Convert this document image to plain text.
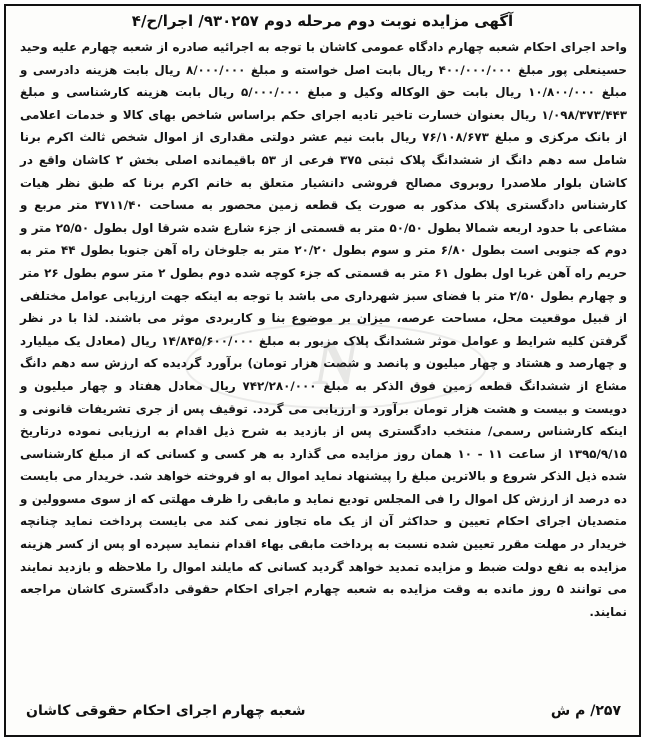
آگهی مزایده نوبت دوم مرحله دوم ۹۳۰۲۵۷/ اجرا/ح/۴

واحد اجرای احکام شعبه چهارم دادگاه عمومی کاشان با توجه به اجرائیه صادره از شعبه چهارم علیه وحید حسینعلی پور مبلغ ۴۰۰/۰۰۰/۰۰۰ ریال بابت اصل خواسته و مبلغ ۸/۰۰۰/۰۰۰ ریال بابت هزینه دادرسی و مبلغ ۱۰/۸۰۰/۰۰۰ ریال بابت حق الوکاله وکیل و مبلغ ۵/۰۰۰/۰۰۰ ریال بابت هزینه کارشناسی و مبلغ ۱/۰۹۸/۳۷۳/۴۴۳ ریال بعنوان خسارت تاخیر تادیه اجرای حکم براساس شاخص بهای کالا و خدمات اعلامی از بانک مرکزی و مبلغ ۷۶/۱۰۸/۶۷۳ ریال بابت نیم عشر دولتی مقداری از اموال شخص ثالث اکرم برنا شامل سه دهم دانگ از ششدانگ پلاک ثبتی ۳۷۵ فرعی از ۵۳ باقیمانده اصلی بخش ۲ کاشان واقع در کاشان بلوار ملاصدرا روبروی مصالح فروشی دانشیار متعلق به خانم اکرم برنا که طبق نظر هیات کارشناس دادگستری پلاک مذکور به صورت یک قطعه زمین محصور به مساحت ۳۷۱۱/۴۰ متر مربع و مشاعی با حدود اربعه شمالا بطول ۵۰/۵۰ متر به قسمتی از جزء شارع شده شرقا اول بطول ۲۵/۵۰ متر و دوم که جنوبی است بطول ۶/۸۰ متر و سوم بطول ۲۰/۲۰ متر به جلوخان راه آهن جنوبا بطول ۴۴ متر به حریم راه آهن غربا اول بطول ۶۱ متر به قسمتی که جزء کوچه شده دوم بطول ۲ متر سوم بطول ۲۶ متر و چهارم بطول ۲/۵۰ متر با فضای سبز شهرداری می باشد با توجه به اینکه جهت ارزیابی عوامل مختلفی از قبیل موقعیت محل، مساحت عرصه، میزان بر موضوع بنا و کاربردی موثر می باشند. لذا با در نظر گرفتن کلیه شرایط و عوامل موثر ششدانگ پلاک مزبور به مبلغ ۱۴/۸۴۵/۶۰۰/۰۰۰ ریال (معادل یک میلیارد و چهارصد و هشتاد و چهار میلیون و پانصد و شصت هزار تومان) برآورد گردیده که ارزش سه دهم دانگ مشاع از ششدانگ قطعه زمین فوق الذکر به مبلغ ۷۴۲/۲۸۰/۰۰۰ ریال معادل هفتاد و چهار میلیون و دویست و بیست و هشت هزار تومان برآورد و ارزیابی می گردد. توقیف پس از جری تشریفات قانونی و اینکه کارشناس رسمی/ منتخب دادگستری پس از بازدید به شرح ذیل اقدام به ارزیابی نموده درتاریخ ۱۳۹۵/۹/۱۵ از ساعت ۱۱ - ۱۰ همان روز مزایده می گذارد به هر کسی و کسانی که از مبلغ کارشناسی شده ذیل الذکر شروع و بالاترین مبلغ را پیشنهاد نماید اموال به او فروخته خواهد شد. خریدار می بایست ده درصد از ارزش کل اموال را فی المجلس تودیع نماید و مابقی را ظرف مهلتی که از سوی مسوولین و متصدیان اجرای احکام تعیین و حداکثر آن از یک ماه تجاوز نمی کند می بایست پرداخت نماید چنانچه خریدار در مهلت مقرر تعیین شده نسبت به پرداخت مابقی بهاء اقدام ننماید سپرده او پس از کسر هزینه مزایده به نفع دولت ضبط و مزایده تمدید خواهد گردید کسانی که مایلند اموال را ملاحظه و بازدید نمایند می توانند ۵ روز مانده به وقت مزایده به شعبه چهارم اجرای احکام حقوقی دادگستری کاشان مراجعه نمایند.

N
۲۵۷/ م ش
شعبه چهارم اجرای احکام حقوقی کاشان
